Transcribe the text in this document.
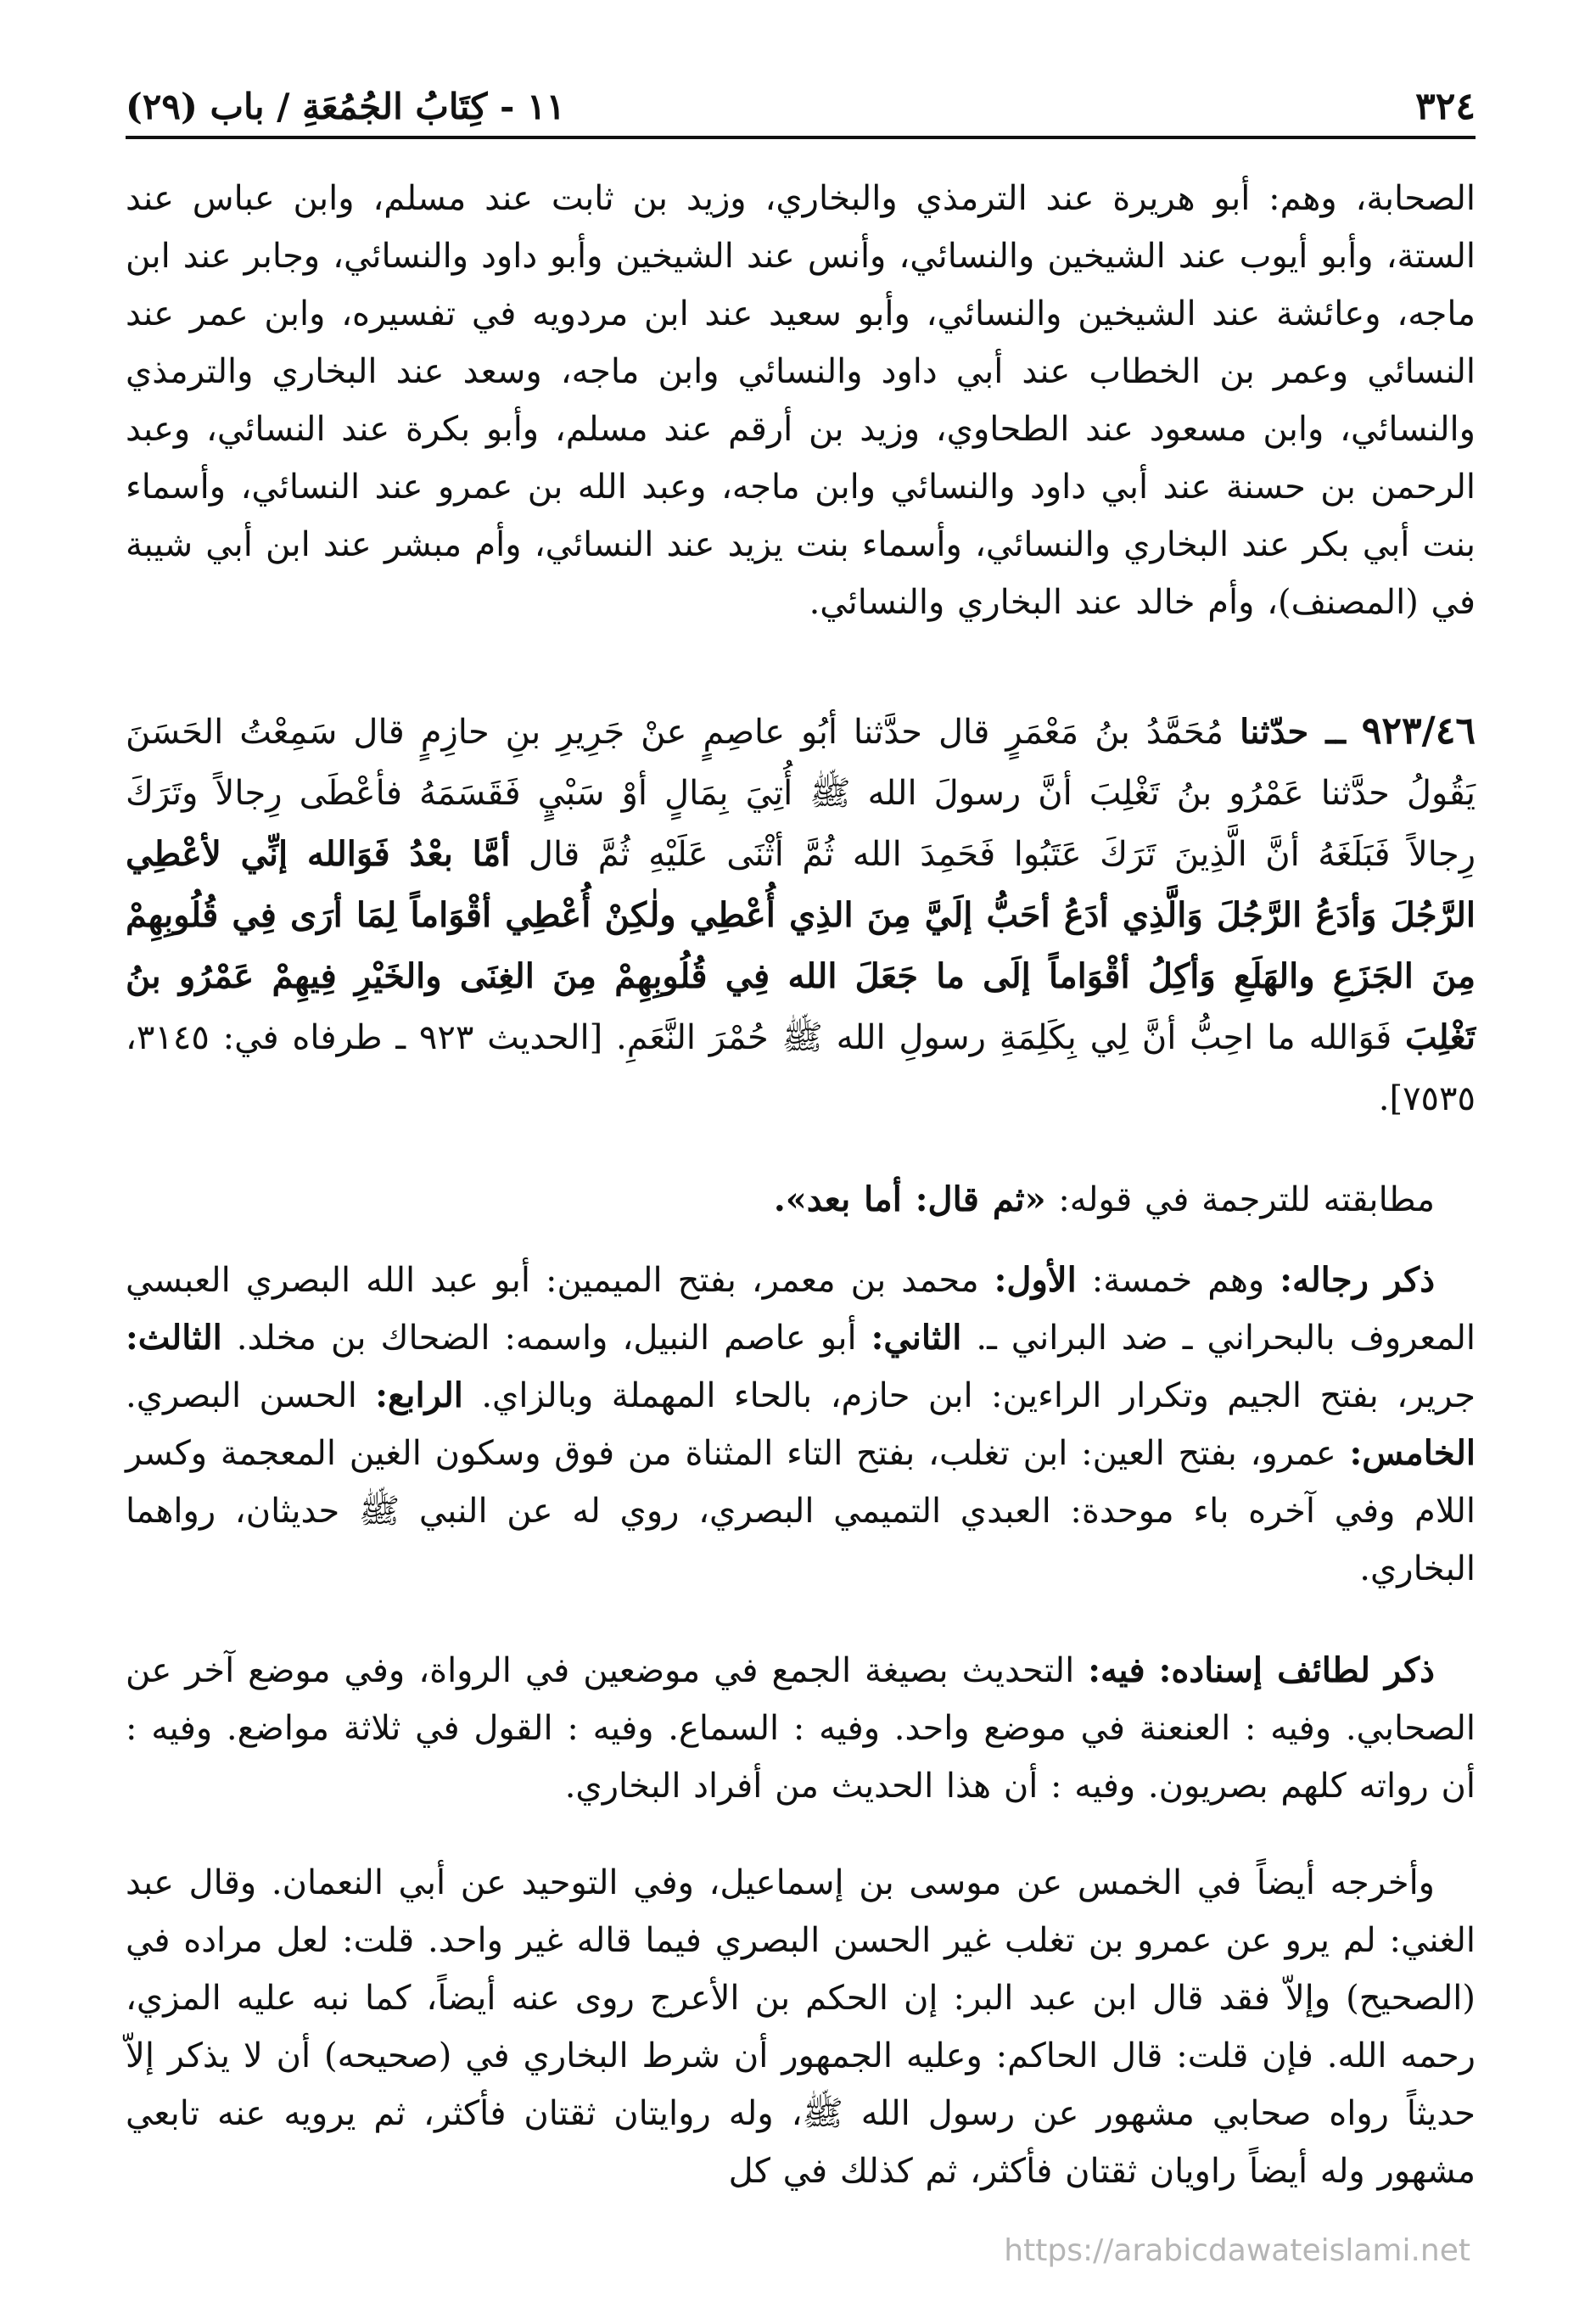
٣٢٤
١١ - كِتَابُ الجُمُعَةِ / باب (٢٩)

الصحابة، وهم: أبو هريرة عند الترمذي والبخاري، وزيد بن ثابت عند مسلم، وابن عباس عند الستة، وأبو أيوب عند الشيخين والنسائي، وأنس عند الشيخين وأبو داود والنسائي، وجابر عند ابن ماجه، وعائشة عند الشيخين والنسائي، وأبو سعيد عند ابن مردويه في تفسيره، وابن عمر عند النسائي وعمر بن الخطاب عند أبي داود والنسائي وابن ماجه، وسعد عند البخاري والترمذي والنسائي، وابن مسعود عند الطحاوي، وزيد بن أرقم عند مسلم، وأبو بكرة عند النسائي، وعبد الرحمن بن حسنة عند أبي داود والنسائي وابن ماجه، وعبد الله بن عمرو عند النسائي، وأسماء بنت أبي بكر عند البخاري والنسائي، وأسماء بنت يزيد عند النسائي، وأم مبشر عند ابن أبي شيبة في (المصنف)، وأم خالد عند البخاري والنسائي.

٩٢٣/٤٦ ــ حدّثنا مُحَمَّدُ بنُ مَعْمَرٍ قال حدَّثنا أبُو عاصِمٍ عنْ جَرِيرِ بنِ حازِمٍ قال سَمِعْتُ الحَسَنَ يَقُولُ حدَّثنا عَمْرُو بنُ تَغْلِبَ أنَّ رسولَ الله ﷺ أُتِيَ بِمَالٍ أوْ سَبْيٍ فَقَسَمَهُ فأعْطَى رِجالاً وتَرَكَ رِجالاً فَبَلَغَهُ أنَّ الَّذِينَ تَرَكَ عَتَبُوا فَحَمِدَ الله ثُمَّ أثْنَى عَلَيْهِ ثُمَّ قال أمَّا بعْدُ فَوَالله إنِّي لأعْطِي الرَّجُلَ وَأدَعُ الرَّجُلَ وَالَّذِي أدَعُ أحَبُّ إلَيَّ مِنَ الذِي أُعْطِي ولٰكِنْ أُعْطِي أقْوَاماً لِمَا أرَى فِي قُلُوبِهِمْ مِنَ الجَزَعِ والهَلَعِ وَأكِلُ أقْوَاماً إلَى ما جَعَلَ الله فِي قُلُوبِهِمْ مِنَ الغِنَى والخَيْرِ فِيهِمْ عَمْرُو بنُ تَغْلِبَ فَوَالله ما احِبُّ أنَّ لِي بِكَلِمَةِ رسولِ الله ﷺ حُمْرَ النَّعَمِ. [الحديث ٩٢٣ ـ طرفاه في: ٣١٤٥، ٧٥٣٥].

مطابقته للترجمة في قوله: «ثم قال: أما بعد».

ذكر رجاله: وهم خمسة: الأول: محمد بن معمر، بفتح الميمين: أبو عبد الله البصري العبسي المعروف بالبحراني ـ ضد البراني ـ. الثاني: أبو عاصم النبيل، واسمه: الضحاك بن مخلد. الثالث: جرير، بفتح الجيم وتكرار الراءين: ابن حازم، بالحاء المهملة وبالزاي. الرابع: الحسن البصري. الخامس: عمرو، بفتح العين: ابن تغلب، بفتح التاء المثناة من فوق وسكون الغين المعجمة وكسر اللام وفي آخره باء موحدة: العبدي التميمي البصري، روي له عن النبي ﷺ حديثان، رواهما البخاري.

ذكر لطائف إسناده: فيه: التحديث بصيغة الجمع في موضعين في الرواة، وفي موضع آخر عن الصحابي. وفيه : العنعنة في موضع واحد. وفيه : السماع. وفيه : القول في ثلاثة مواضع. وفيه : أن رواته كلهم بصريون. وفيه : أن هذا الحديث من أفراد البخاري.

وأخرجه أيضاً في الخمس عن موسى بن إسماعيل، وفي التوحيد عن أبي النعمان. وقال عبد الغني: لم يرو عن عمرو بن تغلب غير الحسن البصري فيما قاله غير واحد. قلت: لعل مراده في (الصحيح) وإلاّ فقد قال ابن عبد البر: إن الحكم بن الأعرج روى عنه أيضاً، كما نبه عليه المزي، رحمه الله. فإن قلت: قال الحاكم: وعليه الجمهور أن شرط البخاري في (صحيحه) أن لا يذكر إلاّ حديثاً رواه صحابي مشهور عن رسول الله ﷺ، وله روايتان ثقتان فأكثر، ثم يرويه عنه تابعي مشهور وله أيضاً راويان ثقتان فأكثر، ثم كذلك في كل

https://arabicdawateislami.net
